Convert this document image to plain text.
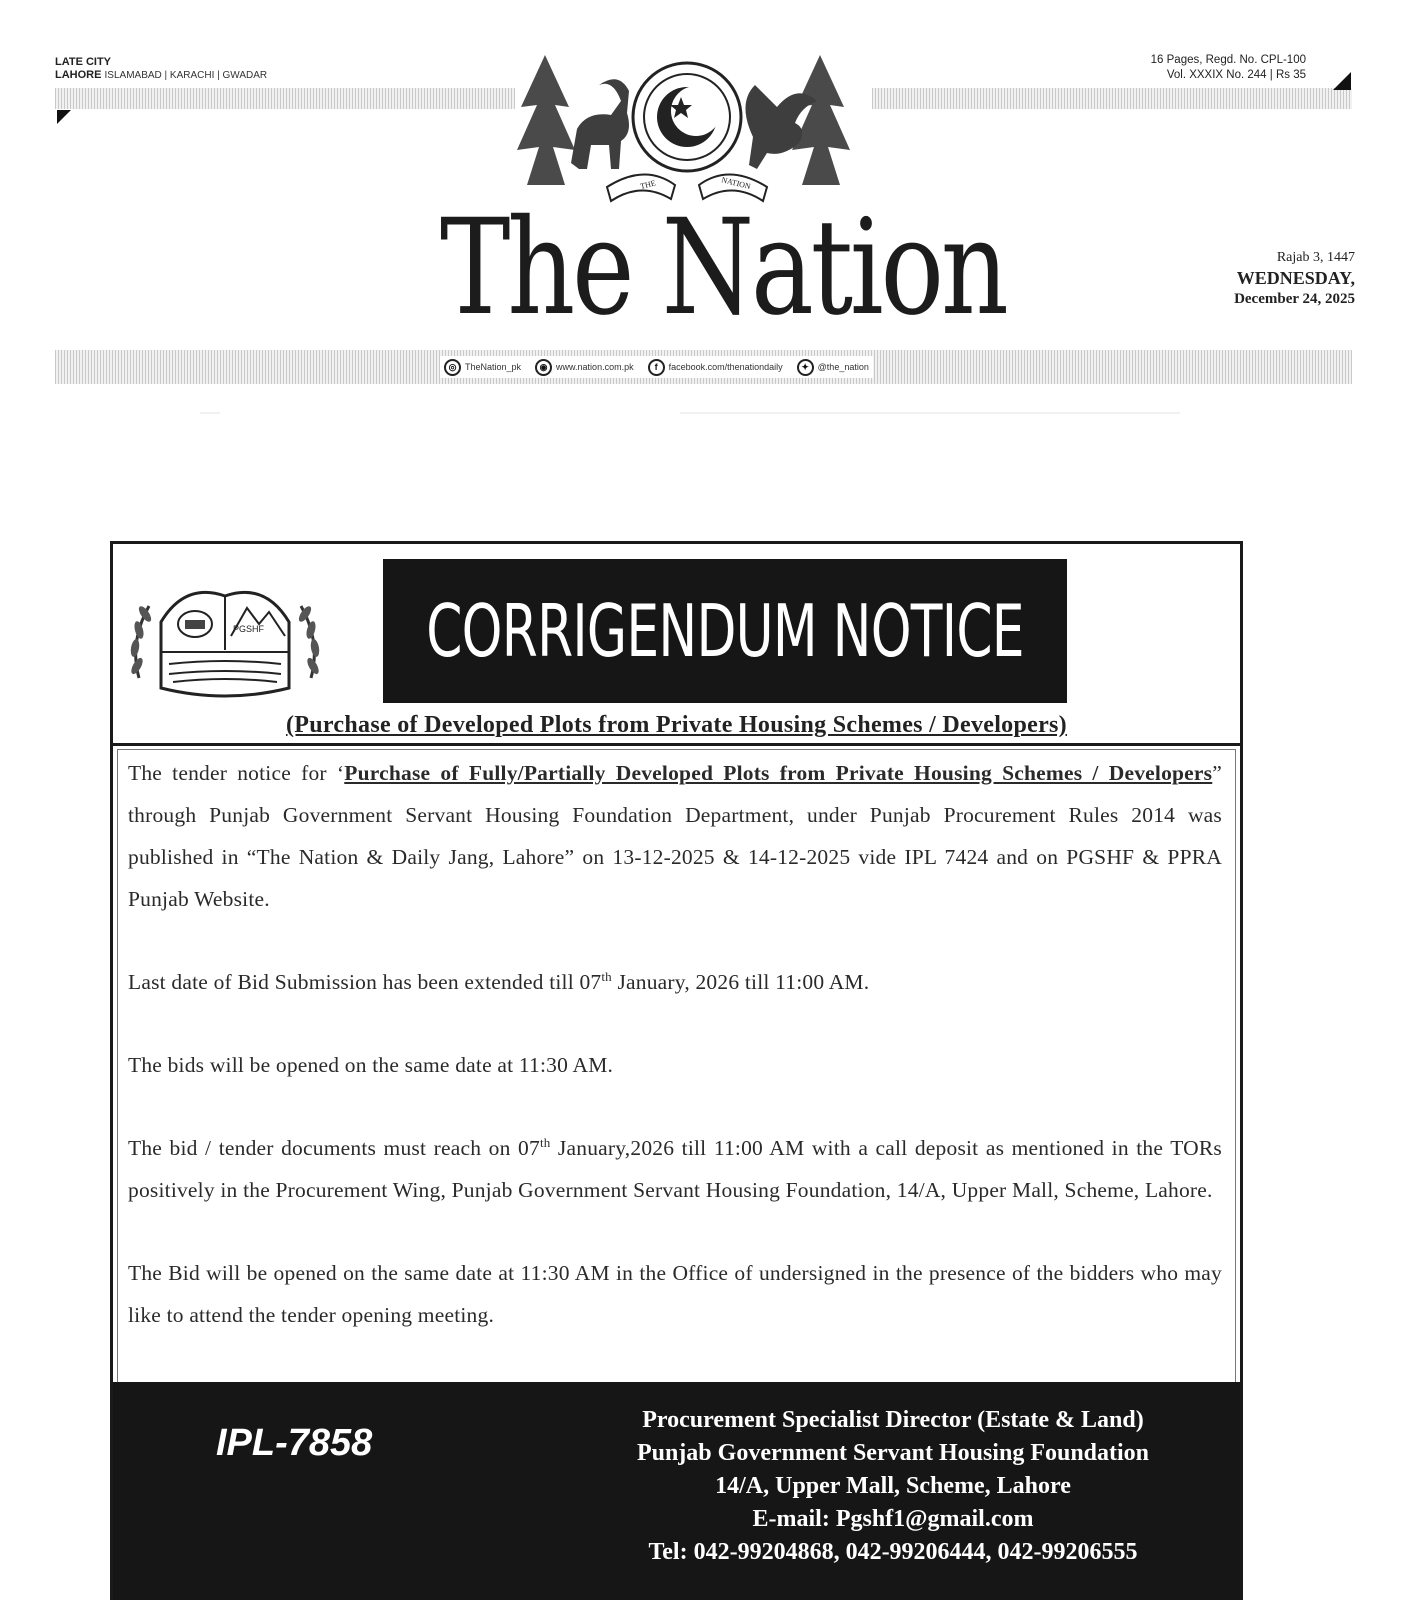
LATE CITY
LAHORE ISLAMABAD | KARACHI | GWADAR
16 Pages, Regd. No. CPL-100
Vol. XXXIX No. 244 | Rs 35
THE	NATION
The Nation	Rajab 3, 1447
WEDNESDAY,
December 24, 2025
◎ TheNation_pk	◉ www.nation.com.pk	f	facebook.com/thenationdaily	✦ @the_nation
PGSHF CORRIGENDUM NOTICE
(Purchase of Developed Plots from Private Housing Schemes / Developers)

The tender notice for ‘Purchase of Fully/Partially Developed Plots from Private Housing Schemes / Developers” through Punjab Government Servant Housing Foundation Department, under Punjab Procurement Rules 2014 was published in “The Nation & Daily Jang, Lahore” on 13-12-2025 & 14-12-2025 vide IPL 7424 and on PGSHF & PPRA Punjab Website.

Last date of Bid Submission has been extended till 07th January, 2026 till 11:00 AM.

The bids will be opened on the same date at 11:30 AM.

The bid / tender documents must reach on 07th January,2026 till 11:00 AM with a call deposit as mentioned in the TORs positively in the Procurement Wing, Punjab Government Servant Housing Foundation, 14/A, Upper Mall, Scheme, Lahore.

The Bid will be opened on the same date at 11:30 AM in the Office of undersigned in the presence of the bidders who may like to attend the tender opening meeting.

IPL-7858
Procurement Specialist Director (Estate & Land)
Punjab Government Servant Housing Foundation
14/A, Upper Mall, Scheme, Lahore
E-mail: Pgshf1@gmail.com
Tel: 042-99204868, 042-99206444, 042-99206555
